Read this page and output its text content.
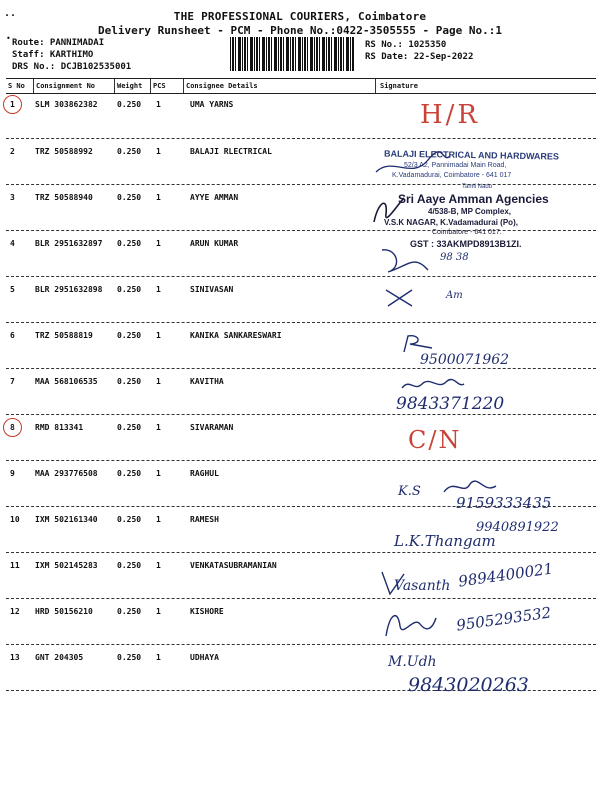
..
•
THE PROFESSIONAL COURIERS, Coimbatore
Delivery Runsheet - PCM - Phone No.:0422-3505555 - Page No.:1
Route: PANNIMADAI
Staff: KARTHIMO
DRS No.: DCJB102535001
RS No.: 1025350
RS Date: 22-Sep-2022
S No Consignment No	Weight PCS	Consignee Details	Signature
1	SLM 303862382 0.250 1	UMA YARNS
2	TRZ 50588992	0.250 1	BALAJI RLECTRICAL
3	TRZ 50588940	0.250 1	AYYE AMMAN
4	BLR 2951632897 0.250 1	ARUN KUMAR
5	BLR 2951632898 0.250 1	SINIVASAN
6	TRZ 50588819	0.250 1	KANIKA SANKARESWARI
7	MAA 568106535 0.250 1	KAVITHA
8	RMD 813341	0.250 1	SIVARAMAN
9	MAA 293776508 0.250 1	RAGHUL
10 IXM 502161340 0.250 1	RAMESH
11 IXM 502145283 0.250 1	VENKATASUBRAMANIAN
12 HRD 50156210	0.250 1	KISHORE
13 GNT 204305	0.250 1	UDHAYA
H/R
BALAJI ELECTRICAL AND HARDWARES
52/3 A2, Pannimadai Main Road,
K.Vadamadurai, Coimbatore - 641 017
Tamil Nadu
Sri Aaye Amman Agencies
4/538-B, MP Complex,
V.S.K NAGAR, K.Vadamadurai (Po),
Coimbatore - 641 017.
GST : 33AKMPD8913B1ZI.
98 38
Am
9500071962
9843371220
C/N
K.S
9159333435
9940891922
L.K.Thangam
Vasanth 9894400021
9505293532
M.Udh
9843020263
